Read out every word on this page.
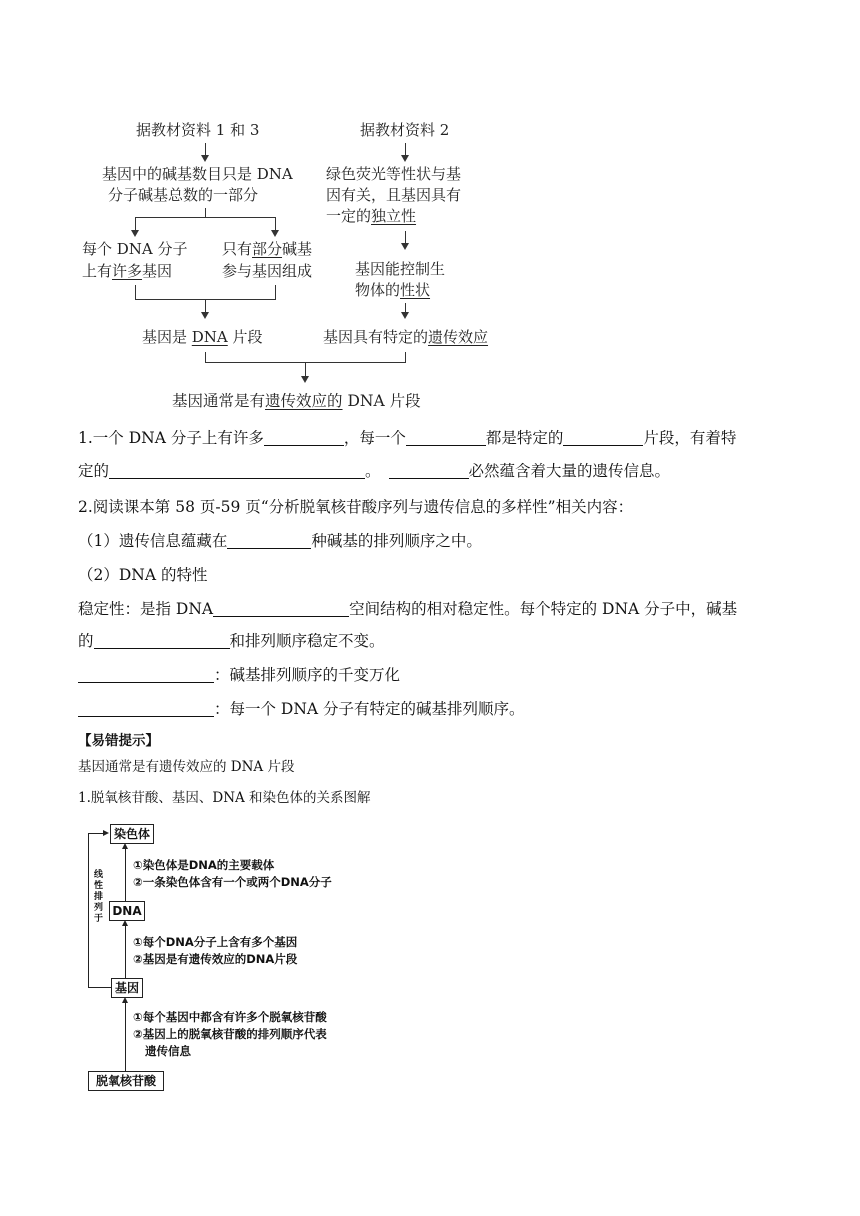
据教材资料 1 和 3
基因中的碱基数目只是 DNA
分子碱基总数的一部分
每个 DNA 分子
上有许多基因
只有部分碱基
参与基因组成
基因是 DNA 片段
据教材资料 2
绿色荧光等性状与基
因有关，且基因具有
一定的独立性
基因能控制生
物体的性状
基因具有特定的遗传效应
基因通常是有遗传效应的 DNA 片段
1.一个 DNA 分子上有许多	，每一个	都是特定的	片段，有着特
定的	。	必然蕴含着大量的遗传信息。
2.阅读课本第 58 页-59 页“分析脱氧核苷酸序列与遗传信息的多样性”相关内容：
（1）遗传信息蕴藏在	种碱基的排列顺序之中。
（2）DNA 的特性
稳定性：是指 DNA	空间结构的相对稳定性。每个特定的 DNA 分子中，碱基
的	和排列顺序稳定不变。
：碱基排列顺序的千变万化
：每一个 DNA 分子有特定的碱基排列顺序。
【易错提示】
基因通常是有遗传效应的 DNA 片段
1.脱氧核苷酸、基因、DNA 和染色体的关系图解
染色体
DNA
基因
脱氧核苷酸
线性排列于
①染色体是DNA的主要载体
②一条染色体含有一个或两个DNA分子
①每个DNA分子上含有多个基因
②基因是有遗传效应的DNA片段
①每个基因中都含有许多个脱氧核苷酸
②基因上的脱氧核苷酸的排列顺序代表
遗传信息
